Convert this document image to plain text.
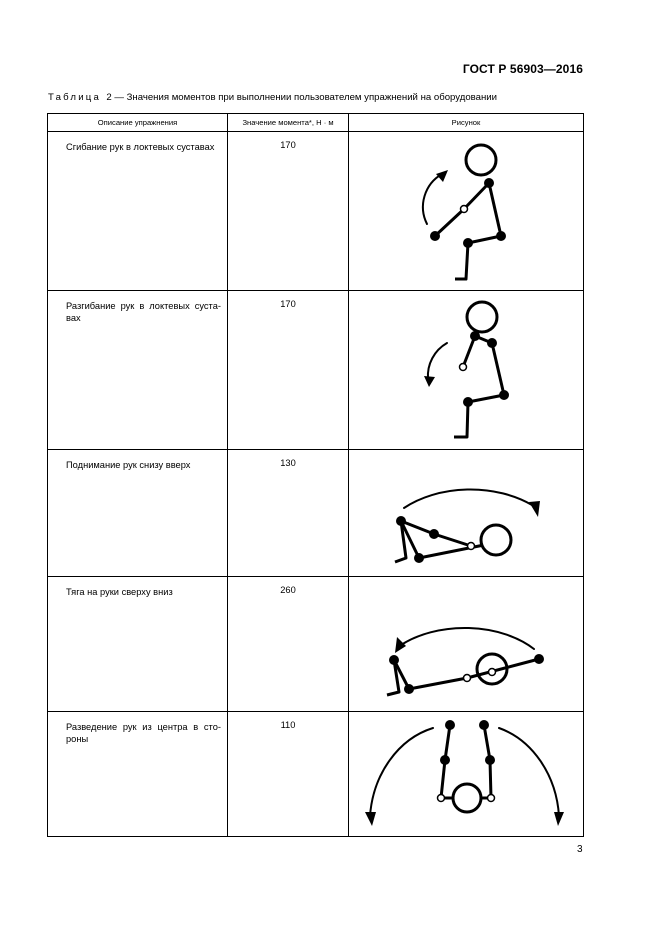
ГОСТ Р 56903—2016
Таблица 2 — Значения моментов при выполнении пользователем упражнений на оборудовании
Описание упражнения	Значение момента*, Н · м	Рисунок

Сгибание рук в локтевых суставах	170

Разгибание рук в локтевых суставах	170

Поднимание рук снизу вверх	130

Тяга на руки сверху вниз	260

Разведение рук из центра в стороны	110

3
